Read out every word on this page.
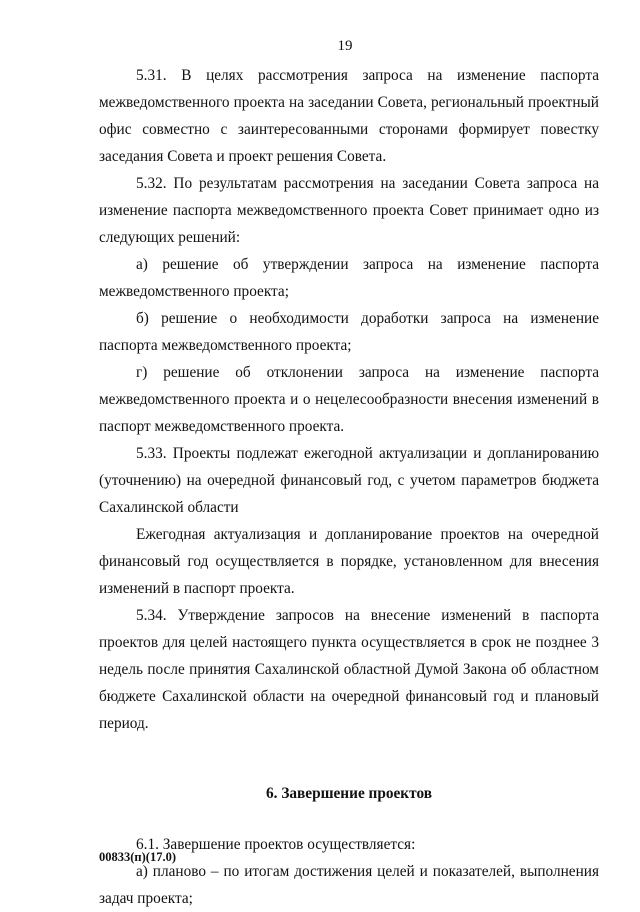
19

5.31. В целях рассмотрения запроса на изменение паспорта межведомственного проекта на заседании Совета, региональный проектный офис совместно с заинтересованными сторонами формирует повестку заседания Совета и проект решения Совета.

5.32. По результатам рассмотрения на заседании Совета запроса на изменение паспорта межведомственного проекта Совет принимает одно из следующих решений:

а) решение об утверждении запроса на изменение паспорта межведомственного проекта;

б) решение о необходимости доработки запроса на изменение паспорта межведомственного проекта;

г) решение об отклонении запроса на изменение паспорта межведомственного проекта и о нецелесообразности внесения изменений в паспорт межведомственного проекта.

5.33. Проекты подлежат ежегодной актуализации и допланированию (уточнению) на очередной финансовый год, с учетом параметров бюджета Сахалинской области

Ежегодная актуализация и допланирование проектов на очередной финансовый год осуществляется в порядке, установленном для внесения изменений в паспорт проекта.

5.34. Утверждение запросов на внесение изменений в паспорта проектов для целей настоящего пункта осуществляется в срок не позднее 3 недель после принятия Сахалинской областной Думой Закона об областном бюджете Сахалинской области на очередной финансовый год и плановый период.

6. Завершение проектов

6.1. Завершение проектов осуществляется:

а) планово – по итогам достижения целей и показателей, выполнения задач проекта;

00833(п)(17.0)
